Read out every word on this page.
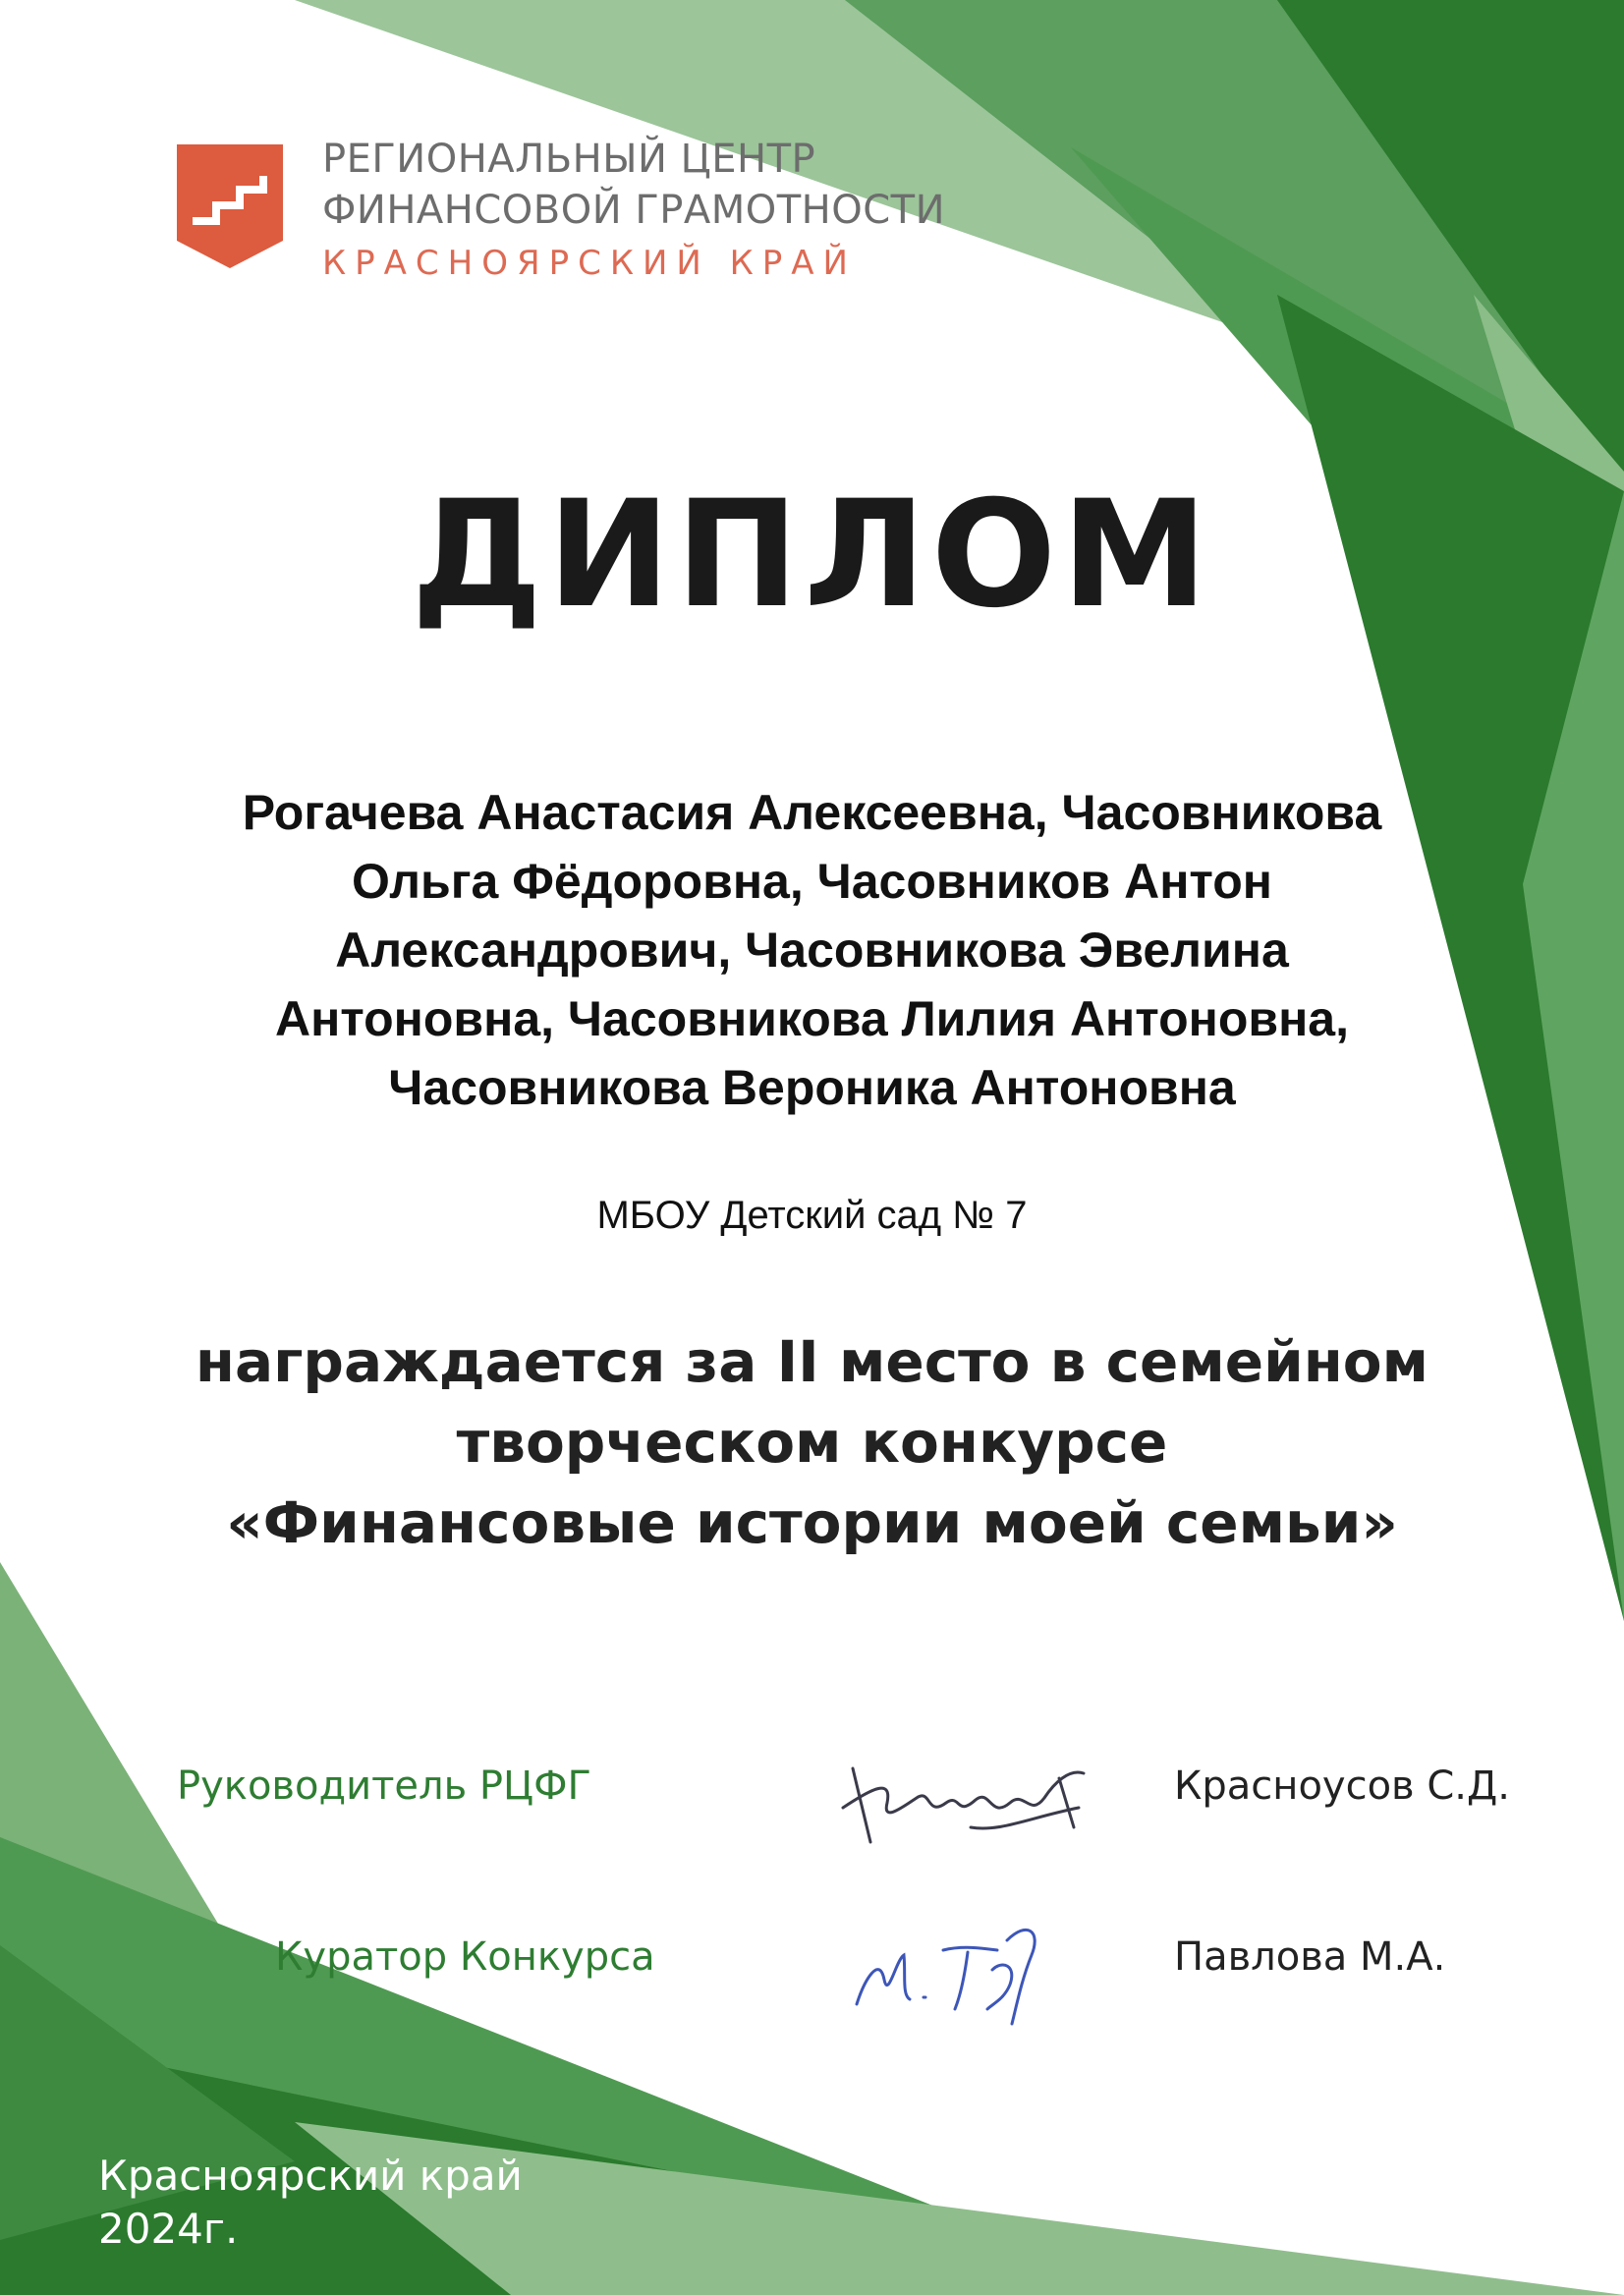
РЕГИОНАЛЬНЫЙ ЦЕНТР
ФИНАНСОВОЙ ГРАМОТНОСТИ
КРАСНОЯРСКИЙ КРАЙ
ДИПЛОМ
Рогачева Анастасия Алексеевна, Часовникова
Ольга Фёдоровна, Часовников Антон
Александрович, Часовникова Эвелина
Антоновна, Часовникова Лилия Антоновна,
Часовникова Вероника Антоновна
МБОУ Детский сад № 7
награждается за II место в семейном
творческом конкурсе
«Финансовые истории моей семьи»
Руководитель РЦФГ	Красноусов С.Д.
Куратор Конкурса	Павлова М.А.
Красноярский край
2024г.
